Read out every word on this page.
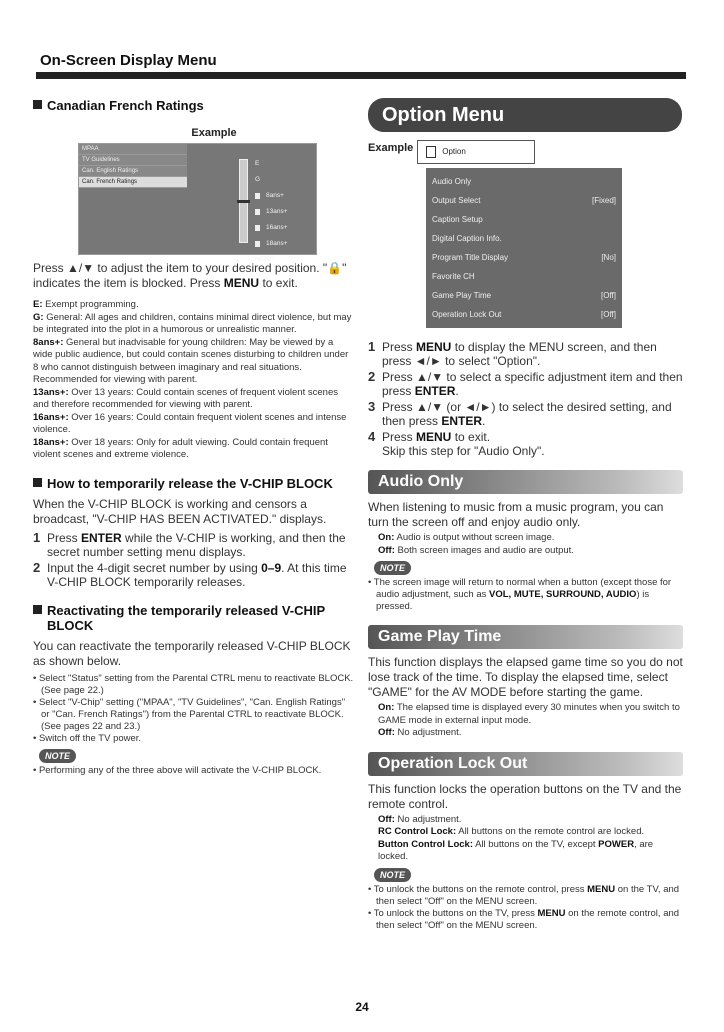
On-Screen Display Menu
Canadian French Ratings
Example
MPAA
TV Guidelines
Can. English Ratings
Can. French Ratings
E
G
8ans+
13ans+
16ans+
18ans+
NONE
Press ▲/▼ to adjust the item to your desired position. "🔒" indicates the item is blocked. Press MENU to exit.
E: Exempt programming.
G: General: All ages and children, contains minimal direct violence, but may be integrated into the plot in a humorous or unrealistic manner.
8ans+: General but inadvisable for young children: May be viewed by a wide public audience, but could contain scenes disturbing to children under 8 who cannot distinguish between imaginary and real situations. Recommended for viewing with parent.
13ans+: Over 13 years: Could contain scenes of frequent violent scenes and therefore recommended for viewing with parent.
16ans+: Over 16 years: Could contain frequent violent scenes and intense violence.
18ans+: Over 18 years: Only for adult viewing. Could contain frequent violent scenes and extreme violence.
How to temporarily release the V-CHIP BLOCK
When the V-CHIP BLOCK is working and censors a broadcast, "V-CHIP HAS BEEN ACTIVATED." displays.
1 Press ENTER while the V-CHIP is working, and then the secret number setting menu displays.
2 Input the 4-digit secret number by using 0–9. At this time V-CHIP BLOCK temporarily releases.
Reactivating the temporarily released V-CHIP BLOCK
You can reactivate the temporarily released V-CHIP BLOCK as shown below.
• Select "Status" setting from the Parental CTRL menu to reactivate BLOCK. (See page 22.)
• Select "V-Chip" setting ("MPAA", "TV Guidelines", "Can. English Ratings" or "Can. French Ratings") from the Parental CTRL to reactivate BLOCK. (See pages 22 and 23.)
• Switch off the TV power.
NOTE
• Performing any of the three above will activate the V-CHIP BLOCK.
Option Menu
Example	Option
Audio Only
Output Select	[Fixed]
Caption Setup
Digital Caption Info.
Program Title Display	[No]
Favorite CH
Game Play Time	[Off]
Operation Lock Out	[Off]
1 Press MENU to display the MENU screen, and then press ◄/► to select "Option".
2 Press ▲/▼ to select a specific adjustment item and then press ENTER.
3 Press ▲/▼ (or ◄/►) to select the desired setting, and then press ENTER.
4 Press MENU to exit.
Skip this step for "Audio Only".
Audio Only
When listening to music from a music program, you can turn the screen off and enjoy audio only.
On: Audio is output without screen image.
Off: Both screen images and audio are output.
NOTE
• The screen image will return to normal when a button (except those for audio adjustment, such as VOL, MUTE, SURROUND, AUDIO) is pressed.
Game Play Time
This function displays the elapsed game time so you do not lose track of the time. To display the elapsed time, select "GAME" for the AV MODE before starting the game.
On: The elapsed time is displayed every 30 minutes when you switch to GAME mode in external input mode.
Off: No adjustment.
Operation Lock Out
This function locks the operation buttons on the TV and the remote control.
Off: No adjustment.
RC Control Lock: All buttons on the remote control are locked.
Button Control Lock: All buttons on the TV, except POWER, are locked.
NOTE
• To unlock the buttons on the remote control, press MENU on the TV, and then select "Off" on the MENU screen.
• To unlock the buttons on the TV, press MENU on the remote control, and then select "Off" on the MENU screen.
24
